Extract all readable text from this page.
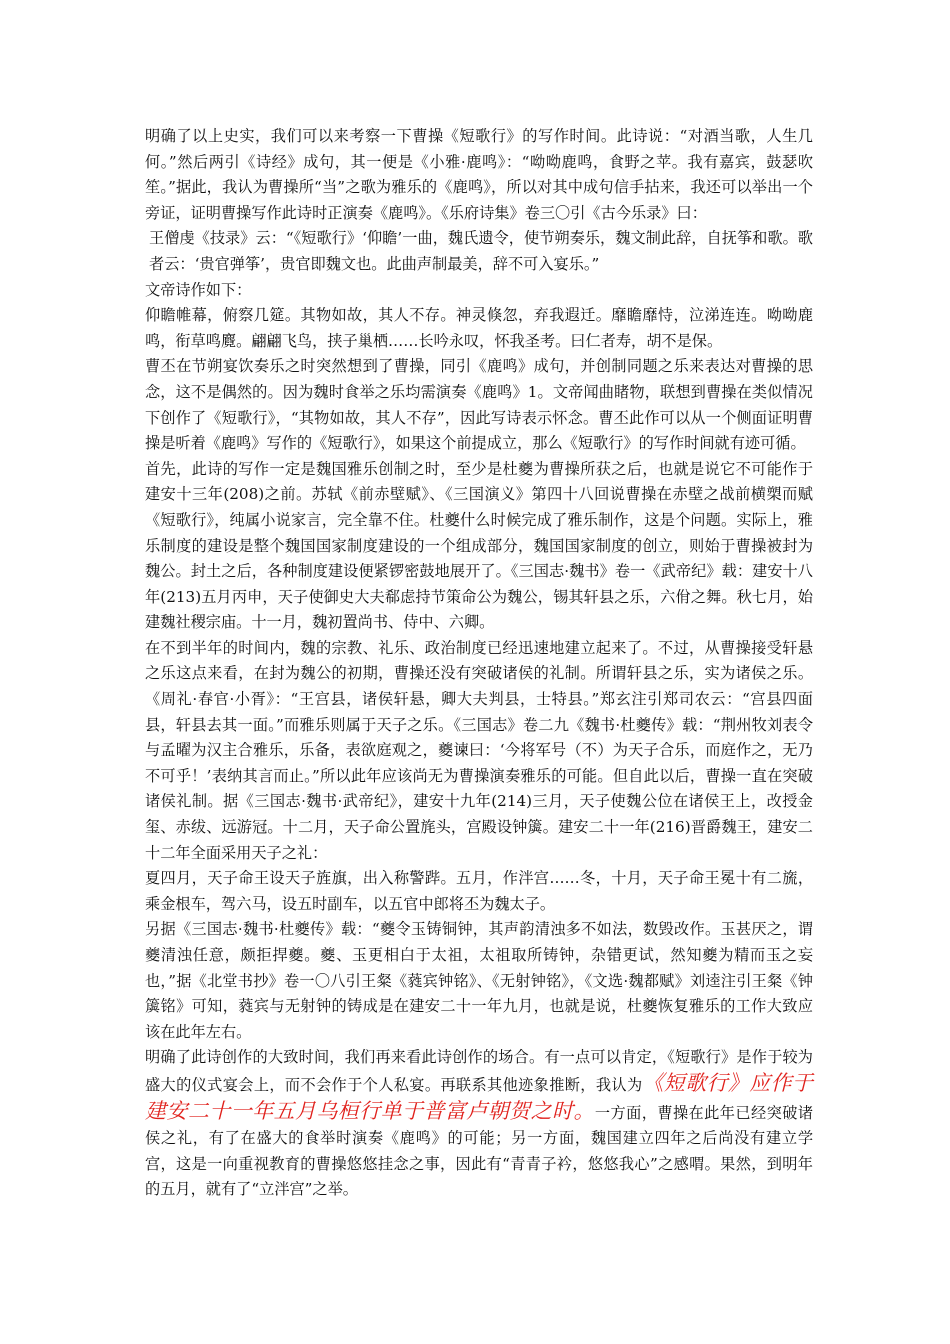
明确了以上史实，我们可以来考察一下曹操《短歌行》的写作时间。此诗说：“对酒当歌，人生几何。”然后两引《诗经》成句，其一便是《小雅·鹿鸣》：“呦呦鹿鸣，食野之苹。我有嘉宾，鼓瑟吹笙。”据此，我认为曹操所“当”之歌为雅乐的《鹿鸣》，所以对其中成句信手拈来，我还可以举出一个旁证，证明曹操写作此诗时正演奏《鹿鸣》。《乐府诗集》卷三〇引《古今乐录》曰：

王僧虔《技录》云：“《短歌行》‘仰瞻’一曲，魏氏遗令，使节朔奏乐，魏文制此辞，自抚筝和歌。歌者云：‘贵官弹筝’，贵官即魏文也。此曲声制最美，辞不可入宴乐。”

文帝诗作如下：

仰瞻帷幕，俯察几筵。其物如故，其人不存。神灵倏忽，弃我遐迁。靡瞻靡恃，泣涕连连。呦呦鹿鸣，衔草鸣麑。翩翩飞鸟，挟子巢栖……长吟永叹，怀我圣考。曰仁者寿，胡不是保。

曹丕在节朔宴饮奏乐之时突然想到了曹操，同引《鹿鸣》成句，并创制同题之乐来表达对曹操的思念，这不是偶然的。因为魏时食举之乐均需演奏《鹿鸣》1。文帝闻曲睹物，联想到曹操在类似情况下创作了《短歌行》，“其物如故，其人不存”，因此写诗表示怀念。曹丕此作可以从一个侧面证明曹操是听着《鹿鸣》写作的《短歌行》，如果这个前提成立，那么《短歌行》的写作时间就有迹可循。

首先，此诗的写作一定是魏国雅乐创制之时，至少是杜夔为曹操所获之后，也就是说它不可能作于建安十三年(208)之前。苏轼《前赤壁赋》、《三国演义》第四十八回说曹操在赤壁之战前横槊而赋《短歌行》，纯属小说家言，完全靠不住。杜夔什么时候完成了雅乐制作，这是个问题。实际上，雅乐制度的建设是整个魏国国家制度建设的一个组成部分，魏国国家制度的创立，则始于曹操被封为魏公。封土之后，各种制度建设便紧锣密鼓地展开了。《三国志·魏书》卷一《武帝纪》载：建安十八年(213)五月丙申，天子使御史大夫郗虑持节策命公为魏公，锡其轩县之乐，六佾之舞。秋七月，始建魏社稷宗庙。十一月，魏初置尚书、侍中、六卿。

在不到半年的时间内，魏的宗教、礼乐、政治制度已经迅速地建立起来了。不过，从曹操接受轩悬之乐这点来看，在封为魏公的初期，曹操还没有突破诸侯的礼制。所谓轩县之乐，实为诸侯之乐。《周礼·春官·小胥》：“王宫县，诸侯轩悬，卿大夫判县，士特县。”郑玄注引郑司农云：“宫县四面县，轩县去其一面。”而雅乐则属于天子之乐。《三国志》卷二九《魏书·杜夔传》载：“荆州牧刘表令与孟曜为汉主合雅乐，乐备，表欲庭观之，夔谏曰：‘今将军号（不）为天子合乐，而庭作之，无乃不可乎！’表纳其言而止。”所以此年应该尚无为曹操演奏雅乐的可能。但自此以后，曹操一直在突破诸侯礼制。据《三国志·魏书·武帝纪》，建安十九年(214)三月，天子使魏公位在诸侯王上，改授金玺、赤绂、远游冠。十二月，天子命公置旄头，宫殿设钟簴。建安二十一年(216)晋爵魏王，建安二十二年全面采用天子之礼：

夏四月，天子命王设天子旌旗，出入称警跸。五月，作泮宫……冬，十月，天子命王冕十有二旒，乘金根车，驾六马，设五时副车，以五官中郎将丕为魏太子。

另据《三国志·魏书·杜夔传》载：“夔令玉铸铜钟，其声韵清浊多不如法，数毁改作。玉甚厌之，谓夔清浊任意，颇拒捍夔。夔、玉更相白于太祖，太祖取所铸钟，杂错更试，然知夔为精而玉之妄也，”据《北堂书抄》卷一〇八引王粲《蕤宾钟铭》、《无射钟铭》，《文选·魏都赋》刘逵注引王粲《钟簴铭》可知，蕤宾与无射钟的铸成是在建安二十一年九月，也就是说，杜夔恢复雅乐的工作大致应该在此年左右。

明确了此诗创作的大致时间，我们再来看此诗创作的场合。有一点可以肯定，《短歌行》是作于较为盛大的仪式宴会上，而不会作于个人私宴。再联系其他迹象推断，我认为《短歌行》应作于建安二十一年五月乌桓行单于普富卢朝贺之时。一方面，曹操在此年已经突破诸侯之礼，有了在盛大的食举时演奏《鹿鸣》的可能；另一方面，魏国建立四年之后尚没有建立学宫，这是一向重视教育的曹操悠悠挂念之事，因此有“青青子衿，悠悠我心”之感喟。果然，到明年的五月，就有了“立泮宫”之举。
